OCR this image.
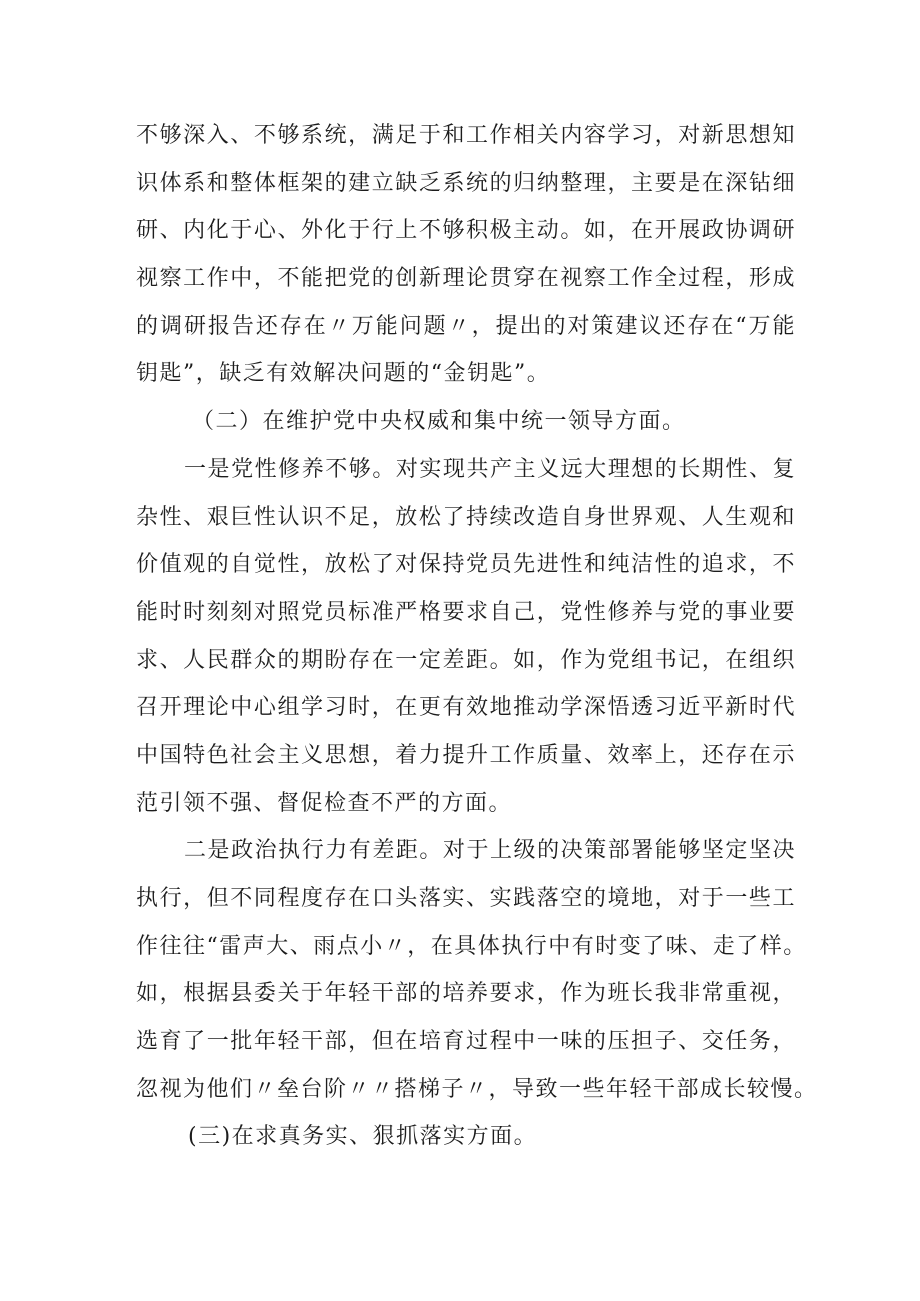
不够深入、不够系统，满足于和工作相关内容学习，对新思想知
识体系和整体框架的建立缺乏系统的归纳整理，主要是在深钻细
研、内化于心、外化于行上不够积极主动。如，在开展政协调研
视察工作中，不能把党的创新理论贯穿在视察工作全过程，形成
的调研报告还存在〃万能问题〃，提出的对策建议还存在“万能
钥匙”，缺乏有效解决问题的“金钥匙”。
（二）在维护党中央权威和集中统一领导方面。
一是党性修养不够。对实现共产主义远大理想的长期性、复
杂性、艰巨性认识不足，放松了持续改造自身世界观、人生观和
价值观的自觉性，放松了对保持党员先进性和纯洁性的追求，不
能时时刻刻对照党员标准严格要求自己，党性修养与党的事业要
求、人民群众的期盼存在一定差距。如，作为党组书记，在组织
召开理论中心组学习时，在更有效地推动学深悟透习近平新时代
中国特色社会主义思想，着力提升工作质量、效率上，还存在示
范引领不强、督促检查不严的方面。
二是政治执行力有差距。对于上级的决策部署能够坚定坚决
执行，但不同程度存在口头落实、实践落空的境地，对于一些工
作往往“雷声大、雨点小〃，在具体执行中有时变了味、走了样。
如，根据县委关于年轻干部的培养要求，作为班长我非常重视，
选育了一批年轻干部，但在培育过程中一味的压担子、交任务，
忽视为他们〃垒台阶〃〃搭梯子〃，导致一些年轻干部成长较慢。
(三)在求真务实、狠抓落实方面。
